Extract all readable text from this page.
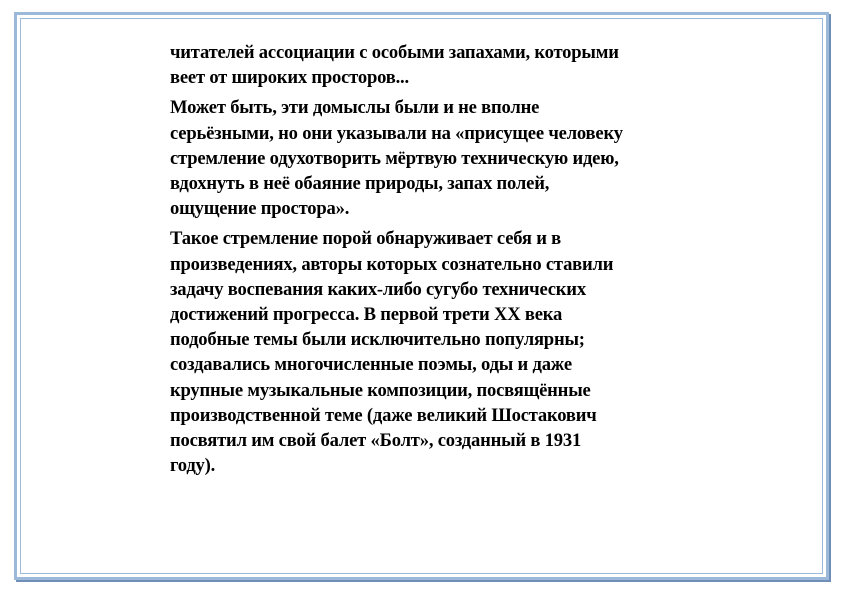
читателей ассоциации с особыми запахами, которыми
веет от широких просторов...

Может быть, эти домыслы были и не вполне
серьёзными, но они указывали на «присущее человеку
стремление одухотворить мёртвую техническую идею,
вдохнуть в неё обаяние природы, запах полей,
ощущение простора».

Такое стремление порой обнаруживает себя и в
произведениях, авторы которых сознательно ставили
задачу воспевания каких-либо сугубо технических
достижений прогресса. В первой трети XX века
подобные темы были исключительно популярны;
создавались многочисленные поэмы, оды и даже
крупные музыкальные композиции, посвящённые
производственной теме (даже великий Шостакович
посвятил им свой балет «Болт», созданный в 1931
году).
